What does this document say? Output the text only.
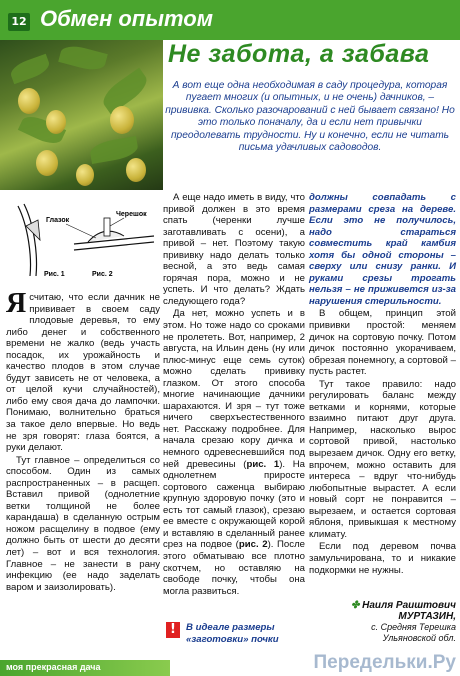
12 Обмен опытом
Не забота, а забава
А вот еще одна необходимая в саду процедура, которая пугает многих (и опытных, и не очень) дачников, – прививка. Сколько разочарований с ней бывает связано! Но это только поначалу, да и если нет привычки преодолевать трудности. Ну и конечно, если не читать письма удачливых садоводов.
Глазок
Черешок
Рис. 1	Рис. 2

Ясчитаю, что если дачник не прививает в своем саду плодовые деревья, то ему либо денег и собственного времени не жалко (ведь участь посадок, их урожайность и качество плодов в этом случае будут зависеть не от человека, а от целой кучи случайностей), либо ему своя дача до лампочки. Понимаю, волнительно браться за такое дело впервые. Но ведь не зря говорят: глаза боятся, а руки делают.

Тут главное – определиться со способом. Один из самых распространенных – в расщеп. Вставил привой (однолетние ветки толщиной не более карандаша) в сделанную острым ножом расщелину в подвое (ему должно быть от шести до десяти лет) – вот и вся технология. Главное – не занести в рану инфекцию (ее надо заделать варом и заизолировать).

А еще надо иметь в виду, что привой должен в это время спать (черенки лучше заготавливать с осени), а привой – нет. Поэтому такую прививку надо делать только весной, а это ведь самая горячая пора, можно и не успеть. И что делать? Ждать следующего года?

Да нет, можно успеть и в этом. Но тоже надо со сроками не пролететь. Вот, например, 2 августа, на Ильин день (ну или плюс-минус еще семь суток) можно сделать прививку глазком. От этого способа многие начинающие дачники шарахаются. И зря – тут тоже ничего сверхъестественного нет. Расскажу подробнее. Для начала срезаю кору дичка и немного одревесневшийся под ней древесины (рис. 1). На однолетнем приросте сортового саженца выбираю крупную здоровую почку (это и есть тот самый глазок), срезаю ее вместе с окружающей корой и вставляю в сделанный ранее срез на подвое (рис. 2). После этого обматываю все плотно скотчем, но оставляю на свободе почку, чтобы она могла развиться.

должны совпадать с размерами среза на дереве. Если это не получилось, надо стараться совместить край камбия хотя бы одной стороны – сверху или снизу ранки. И руками срезы трогать нельзя – не приживется из-за нарушения стерильности.

В общем, принцип этой прививки простой: меняем дичок на сортовую почку. Потом дичок постоянно укорачиваем, обрезая понемногу, а сортовой – пусть растет.

Тут такое правило: надо регулировать баланс между ветками и корнями, которые взаимно питают друг друга. Например, насколько вырос сортовой привой, настолько вырезаем дичок. Одну его ветку, впрочем, можно оставить для интереса – вдруг что-нибудь любопытные вырастет. А если новый сорт не понравится – вырезаем, и остается сортовая яблоня, привыкшая к местному климату.

Если под деревом почва замульчирована, то и никакие подкормки не нужны.

✤ Наиля Раиштович
МУРТАЗИН,
с. Средняя Терешка
Ульяновской обл.
!	В идеале размеры «заготовки» почки
моя прекрасная дача	Передельки.Ру
